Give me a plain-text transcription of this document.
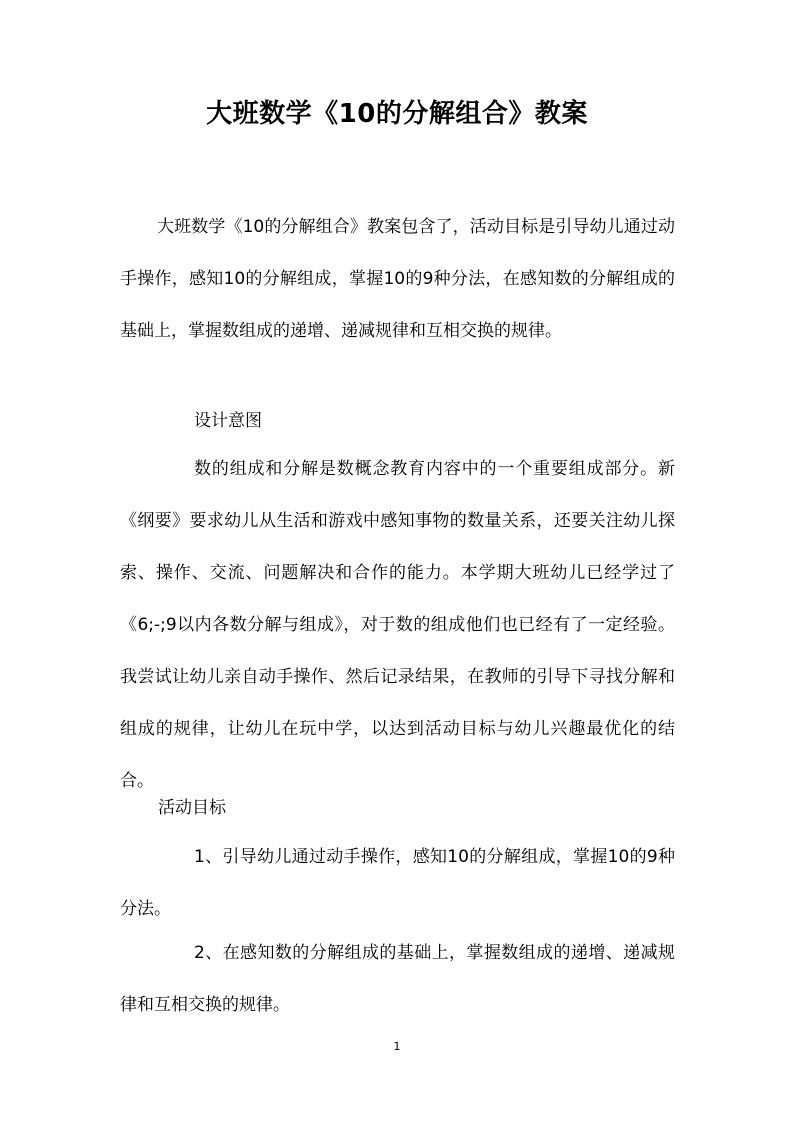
大班数学《10的分解组合》教案
大班数学《10的分解组合》教案包含了，活动目标是引导幼儿通过动手操作，感知10的分解组成，掌握10的9种分法，在感知数的分解组成的基础上，掌握数组成的递增、递减规律和互相交换的规律。
设计意图
数的组成和分解是数概念教育内容中的一个重要组成部分。新《纲要》要求幼儿从生活和游戏中感知事物的数量关系，还要关注幼儿探索、操作、交流、问题解决和合作的能力。本学期大班幼儿已经学过了《6;-;9以内各数分解与组成》，对于数的组成他们也已经有了一定经验。我尝试让幼儿亲自动手操作、然后记录结果，在教师的引导下寻找分解和组成的规律，让幼儿在玩中学，以达到活动目标与幼儿兴趣最优化的结合。
活动目标
1、引导幼儿通过动手操作，感知10的分解组成，掌握10的9种分法。
2、在感知数的分解组成的基础上，掌握数组成的递增、递减规律和互相交换的规律。
1
